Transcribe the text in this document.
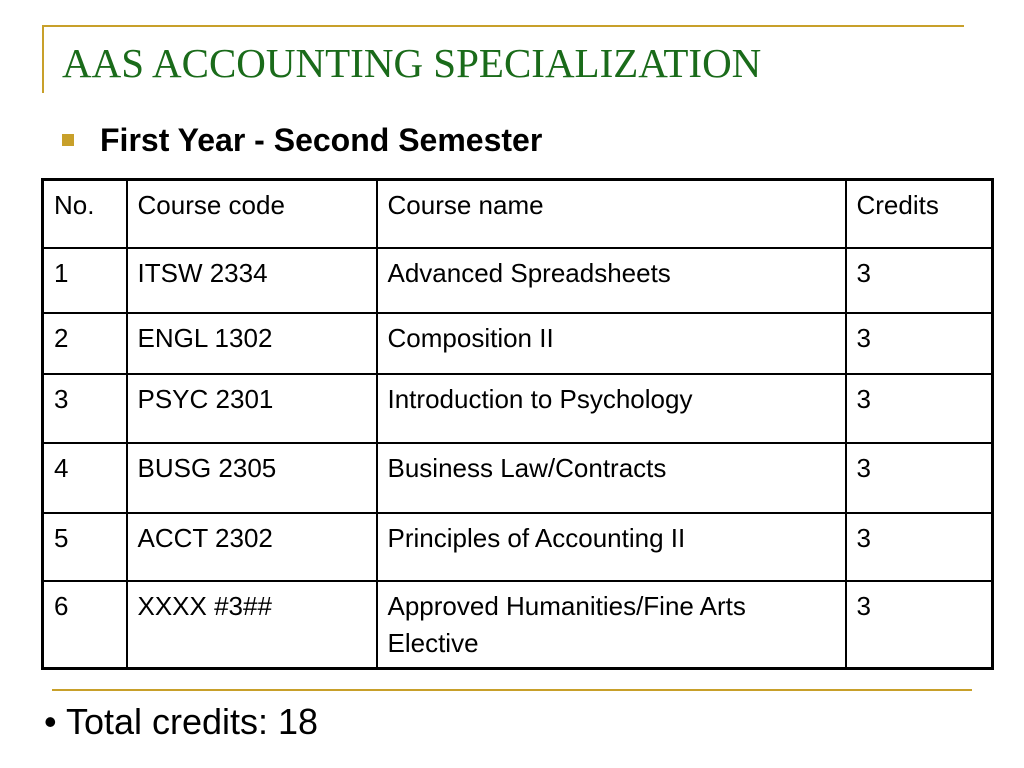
AAS ACCOUNTING SPECIALIZATION
First Year - Second Semester
No.	Course code	Course name	Credits
1	ITSW 2334	Advanced Spreadsheets	3
2	ENGL 1302	Composition II	3
3	PSYC 2301	Introduction to Psychology	3
4	BUSG 2305	Business Law/Contracts	3
5	ACCT 2302	Principles of Accounting II	3
6	XXXX #3##	Approved Humanities/Fine Arts Elective	3
• Total credits: 18
